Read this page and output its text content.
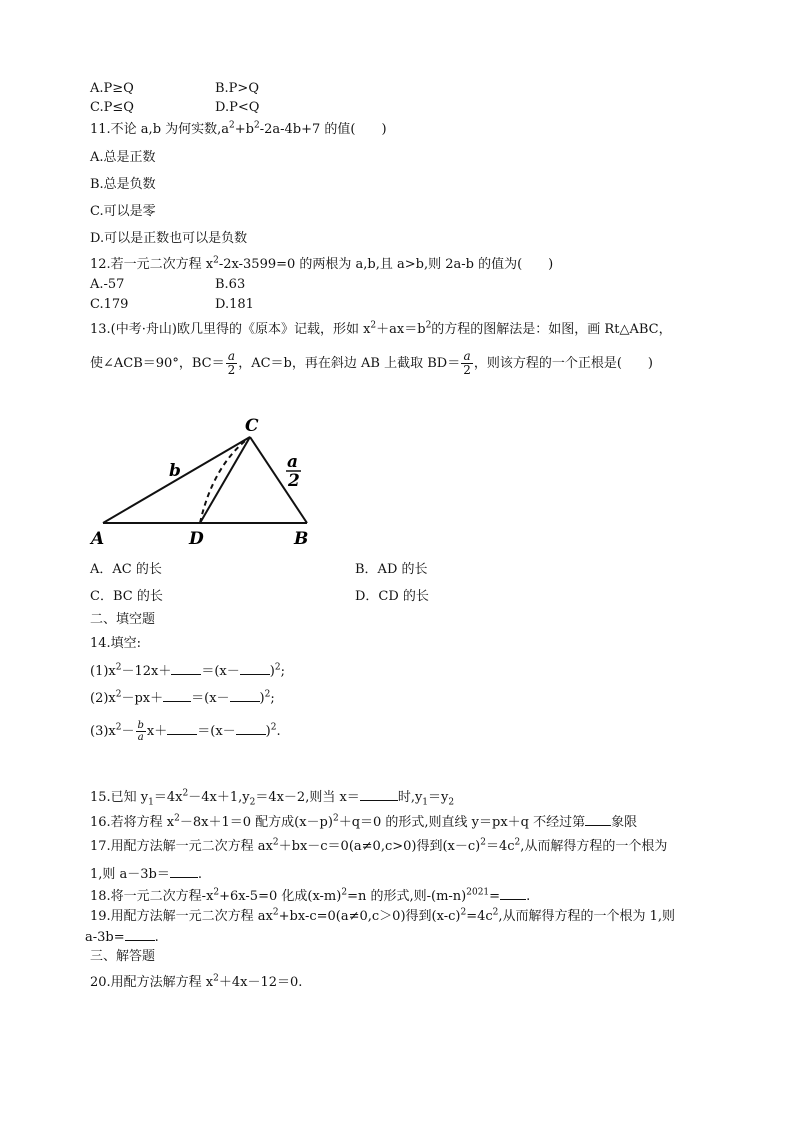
A.P≥Q	B.P>Q
C.P≤Q	D.P<Q
11.不论 a,b 为何实数$,a^2+b^2-2a-4b+7$ 的值(　　)
A.总是正数
B.总是负数
C.可以是零
D.可以是正数也可以是负数
12.若一元二次方程 $x^2-2x-3599=0$ 的两根为 a,b,且 a>b,则 2a-b 的值为(　　)
A.-57	B.63
C.179	D.181
13.(中考·舟山)欧几里得的《原本》记载，形如 $x^2+ax=b^2$的方程的图解法是：如图，画 Rt△ABC，
使∠ACB＝90°，$BC= \frac{a}{2}$ ，AC＝b，再在斜边 AB 上截取 $BD= \frac{a}{2}$ ，则该方程的一个正根是(　　)
C
A	D	B
b	a
2
A．AC 的长	B．AD 的长
C．BC 的长	D．CD 的长
二、填空题
14.填空:
$(1)x^2-12x+ =(x- )^2$;
$(2)x^2-px+ =(x- )^2$;
$(3)x^2- \frac{b}{a} x+ =(x- )^2$.
15.已知 $y_1=4x^2-4x+1,y_2=4x-2$,则当 x＝	时$,y_1=y_2$
16.若将方程 $x^2-8x+1=0$ 配方成$(x-p)^2+q=0$ 的形式,则直线 y＝px＋q 不经过第 象限
17.用配方法解一元二次方程 $ax^2+bx-c=0(a\ne 0,c>0)$得到$(x-c)^2=4c^2$,从而解得方程的一个根为
1,则 a－3b＝ .
18.将一元二次方程$-x^2+6x-5=0$ 化成$(x-m)^2=n$ 的形式,则$-(m-n)^{2021}=$ .
19.用配方法解一元二次方程 $ax^2+bx-c=0(a\ne 0,c>0)$得到$(x-c)^2=4c^2$,从而解得方程的一个根为 1,则
a-3b= .
三、解答题
20.用配方法解方程 $x^2+4x-12=0$.
